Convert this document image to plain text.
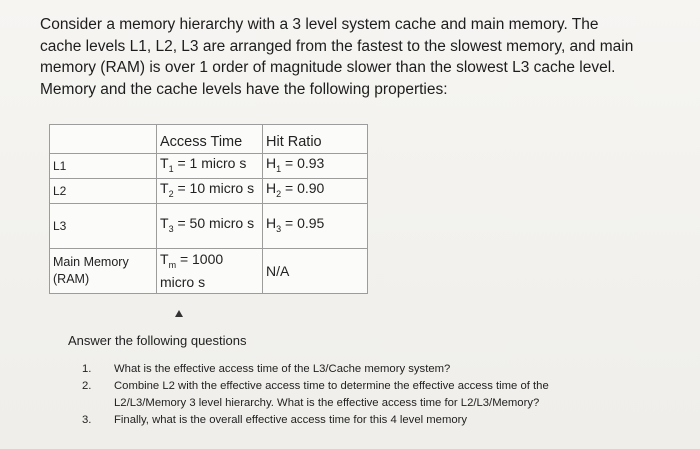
Consider a memory hierarchy with a 3 level system cache and main memory. The cache levels L1, L2, L3 are arranged from the fastest to the slowest memory, and main memory (RAM) is over 1 order of magnitude slower than the slowest L3 cache level. Memory and the cache levels have the following properties:

	Access Time	Hit Ratio
L1	$T_1 = 1$ micro s	$H_1 = 0.93$
L2	$T_2 = 10$ micro s	$H_2 = 0.90$
L3	$T_3 = 50$ micro s	$H_3 = 0.95$
Main Memory (RAM)	$T_m = 1000$ micro s	N/A

Answer the following questions

1. What is the effective access time of the L3/Cache memory system?
2. Combine L2 with the effective access time to determine the effective access time of the L2/L3/Memory 3 level hierarchy. What is the effective access time for L2/L3/Memory?
3. Finally, what is the overall effective access time for this 4 level memory
